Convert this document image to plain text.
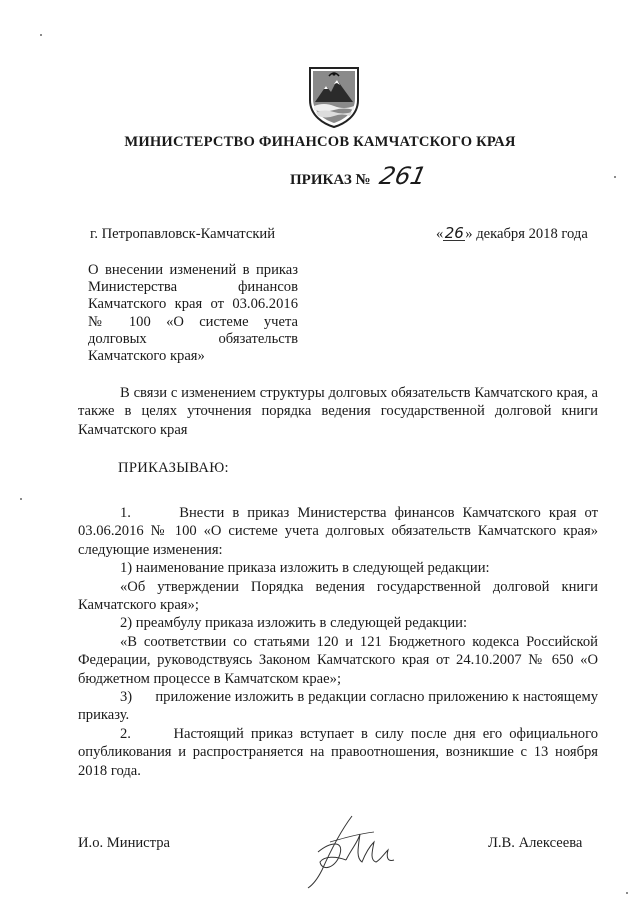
МИНИСТЕРСТВО ФИНАНСОВ КАМЧАТСКОГО КРАЯ
ПРИКАЗ № 261
г. Петропавловск-Камчатский	«26» декабря 2018 года
О внесении изменений в приказ
Министерства финансов
Камчатского края от 03.06.2016
№ 100 «О системе учета
долговых обязательств
Камчатского края»
В связи с изменением структуры долговых обязательств Камчатского края, а также в целях уточнения порядка ведения государственной долговой книги Камчатского края
ПРИКАЗЫВАЮ:
1.      Внести в приказ Министерства финансов Камчатского края от 03.06.2016 № 100 «О системе учета долговых обязательств Камчатского края» следующие изменения:
1) наименование приказа изложить в следующей редакции:
«Об утверждении Порядка ведения государственной долговой книги Камчатского края»;
2) преамбулу приказа изложить в следующей редакции:
«В соответствии со статьями 120 и 121 Бюджетного кодекса Российской Федерации, руководствуясь Законом Камчатского края от 24.10.2007 № 650 «О бюджетном процессе в Камчатском крае»;
3)      приложение изложить в редакции согласно приложению к настоящему приказу.
2.      Настоящий приказ вступает в силу после дня его официального опубликования и распространяется на правоотношения, возникшие с 13 ноября 2018 года.
И.о. Министра	Л.В. Алексеева
